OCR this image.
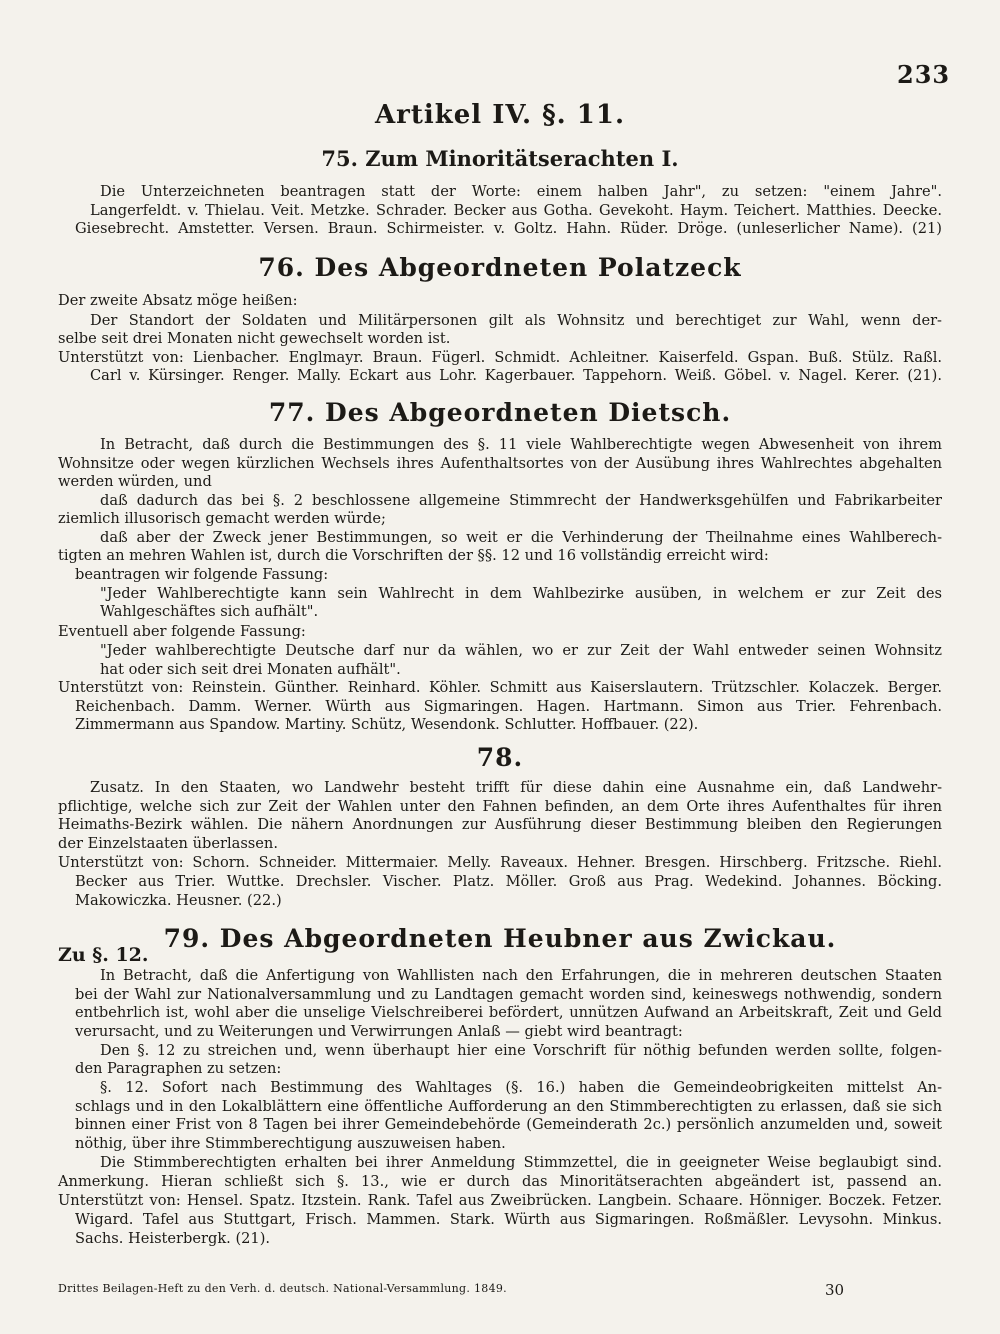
233
Artikel IV. §. 11.
75. Zum Minoritätserachten I.
Die Unterzeichneten beantragen statt der Worte: einem halben Jahr", zu setzen: "einem Jahre".
Langerfeldt. v. Thielau. Veit. Metzke. Schrader. Becker aus Gotha. Gevekoht. Haym. Teichert. Matthies. Deecke.
Giesebrecht. Amstetter. Versen. Braun. Schirmeister. v. Goltz. Hahn. Rüder. Dröge. (unleserlicher Name). (21)
76. Des Abgeordneten Polatzeck
Der zweite Absatz möge heißen:
Der Standort der Soldaten und Militärpersonen gilt als Wohnsitz und berechtiget zur Wahl, wenn der-
selbe seit drei Monaten nicht gewechselt worden ist.
Unterstützt von: Lienbacher. Englmayr. Braun. Fügerl. Schmidt. Achleitner. Kaiserfeld. Gspan. Buß. Stülz. Raßl.
Carl v. Kürsinger. Renger. Mally. Eckart aus Lohr. Kagerbauer. Tappehorn. Weiß. Göbel. v. Nagel. Kerer. (21).
77. Des Abgeordneten Dietsch.
In Betracht, daß durch die Bestimmungen des §. 11 viele Wahlberechtigte wegen Abwesenheit von ihrem
Wohnsitze oder wegen kürzlichen Wechsels ihres Aufenthaltsortes von der Ausübung ihres Wahlrechtes abgehalten
werden würden, und
daß dadurch das bei §. 2 beschlossene allgemeine Stimmrecht der Handwerksgehülfen und Fabrikarbeiter
ziemlich illusorisch gemacht werden würde;
daß aber der Zweck jener Bestimmungen, so weit er die Verhinderung der Theilnahme eines Wahlberech-
tigten an mehren Wahlen ist, durch die Vorschriften der §§. 12 und 16 vollständig erreicht wird:
beantragen wir folgende Fassung:
"Jeder Wahlberechtigte kann sein Wahlrecht in dem Wahlbezirke ausüben, in welchem er zur Zeit des
Wahlgeschäftes sich aufhält".
Eventuell aber folgende Fassung:
"Jeder wahlberechtigte Deutsche darf nur da wählen, wo er zur Zeit der Wahl entweder seinen Wohnsitz
hat oder sich seit drei Monaten aufhält".
Unterstützt von: Reinstein. Günther. Reinhard. Köhler. Schmitt aus Kaiserslautern. Trützschler. Kolaczek. Berger.
Reichenbach. Damm. Werner. Würth aus Sigmaringen. Hagen. Hartmann. Simon aus Trier. Fehrenbach.
Zimmermann aus Spandow. Martiny. Schütz, Wesendonk. Schlutter. Hoffbauer. (22).
78.
Zusatz. In den Staaten, wo Landwehr besteht trifft für diese dahin eine Ausnahme ein, daß Landwehr-
pflichtige, welche sich zur Zeit der Wahlen unter den Fahnen befinden, an dem Orte ihres Aufenthaltes für ihren
Heimaths-Bezirk wählen. Die nähern Anordnungen zur Ausführung dieser Bestimmung bleiben den Regierungen
der Einzelstaaten überlassen.
Unterstützt von: Schorn. Schneider. Mittermaier. Melly. Raveaux. Hehner. Bresgen. Hirschberg. Fritzsche. Riehl.
Becker aus Trier. Wuttke. Drechsler. Vischer. Platz. Möller. Groß aus Prag. Wedekind. Johannes. Böcking.
Makowiczka. Heusner. (22.)
79. Des Abgeordneten Heubner aus Zwickau.
Zu §. 12.
In Betracht, daß die Anfertigung von Wahllisten nach den Erfahrungen, die in mehreren deutschen Staaten
bei der Wahl zur Nationalversammlung und zu Landtagen gemacht worden sind, keineswegs nothwendig, sondern
entbehrlich ist, wohl aber die unselige Vielschreiberei befördert, unnützen Aufwand an Arbeitskraft, Zeit und Geld
verursacht, und zu Weiterungen und Verwirrungen Anlaß — giebt wird beantragt:
Den §. 12 zu streichen und, wenn überhaupt hier eine Vorschrift für nöthig befunden werden sollte, folgen-
den Paragraphen zu setzen:
§. 12. Sofort nach Bestimmung des Wahltages (§. 16.) haben die Gemeindeobrigkeiten mittelst An-
schlags und in den Lokalblättern eine öffentliche Aufforderung an den Stimmberechtigten zu erlassen, daß sie sich
binnen einer Frist von 8 Tagen bei ihrer Gemeindebehörde (Gemeinderath 2c.) persönlich anzumelden und, soweit
nöthig, über ihre Stimmberechtigung auszuweisen haben.
Die Stimmberechtigten erhalten bei ihrer Anmeldung Stimmzettel, die in geeigneter Weise beglaubigt sind.
Anmerkung. Hieran schließt sich §. 13., wie er durch das Minoritätserachten abgeändert ist, passend an.
Unterstützt von: Hensel. Spatz. Itzstein. Rank. Tafel aus Zweibrücken. Langbein. Schaare. Hönniger. Boczek. Fetzer.
Wigard. Tafel aus Stuttgart, Frisch. Mammen. Stark. Würth aus Sigmaringen. Roßmäßler. Levysohn. Minkus.
Sachs. Heisterbergk. (21).
Drittes Beilagen-Heft zu den Verh. d. deutsch. National-Versammlung. 1849.	30
